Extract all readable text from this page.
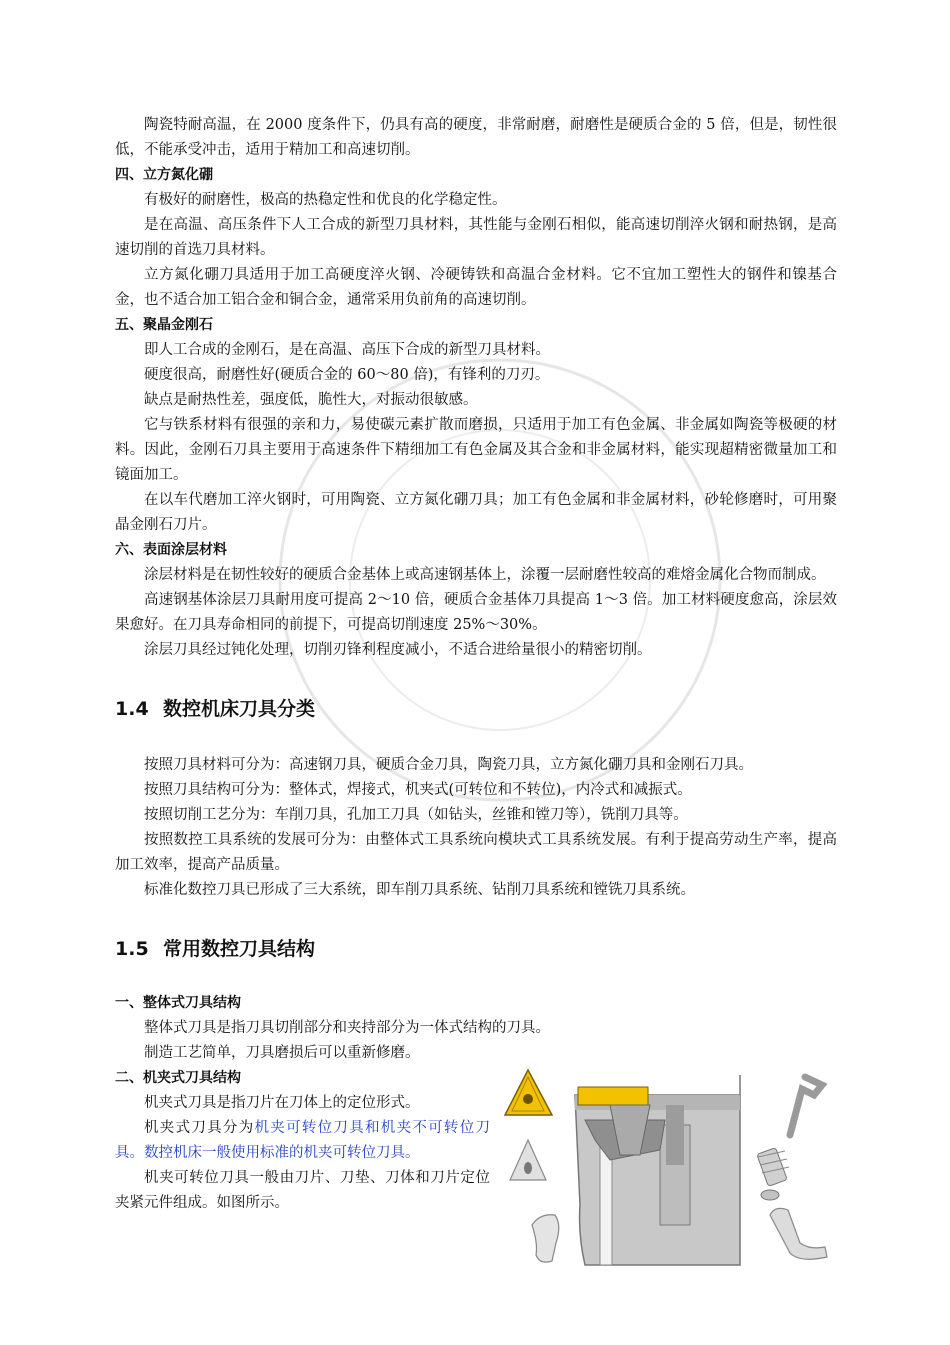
陶瓷特耐高温，在 2000 度条件下，仍具有高的硬度，非常耐磨，耐磨性是硬质合金的 5 倍，但是，韧性很低，不能承受冲击，适用于精加工和高速切削。

四、立方氮化硼

有极好的耐磨性，极高的热稳定性和优良的化学稳定性。

是在高温、高压条件下人工合成的新型刀具材料，其性能与金刚石相似，能高速切削淬火钢和耐热钢，是高速切削的首选刀具材料。

立方氮化硼刀具适用于加工高硬度淬火钢、冷硬铸铁和高温合金材料。它不宜加工塑性大的钢件和镍基合金，也不适合加工铝合金和铜合金，通常采用负前角的高速切削。

五、聚晶金刚石

即人工合成的金刚石，是在高温、高压下合成的新型刀具材料。

硬度很高，耐磨性好(硬质合金的 60～80 倍)，有锋利的刀刃。

缺点是耐热性差，强度低，脆性大，对振动很敏感。

它与铁系材料有很强的亲和力，易使碳元素扩散而磨损，只适用于加工有色金属、非金属如陶瓷等极硬的材料。因此，金刚石刀具主要用于高速条件下精细加工有色金属及其合金和非金属材料，能实现超精密微量加工和镜面加工。

在以车代磨加工淬火钢时，可用陶瓷、立方氮化硼刀具；加工有色金属和非金属材料，砂轮修磨时，可用聚晶金刚石刀片。

六、表面涂层材料

涂层材料是在韧性较好的硬质合金基体上或高速钢基体上，涂覆一层耐磨性较高的难熔金属化合物而制成。

高速钢基体涂层刀具耐用度可提高 2～10 倍，硬质合金基体刀具提高 1～3 倍。加工材料硬度愈高，涂层效果愈好。在刀具寿命相同的前提下，可提高切削速度 25%～30%。

涂层刀具经过钝化处理，切削刃锋利程度减小，不适合进给量很小的精密切削。

1.4 数控机床刀具分类

按照刀具材料可分为：高速钢刀具，硬质合金刀具，陶瓷刀具，立方氮化硼刀具和金刚石刀具。

按照刀具结构可分为：整体式，焊接式，机夹式(可转位和不转位)，内冷式和减振式。

按照切削工艺分为：车削刀具，孔加工刀具（如钻头，丝锥和镗刀等），铣削刀具等。

按照数控工具系统的发展可分为：由整体式工具系统向模块式工具系统发展。有利于提高劳动生产率，提高加工效率，提高产品质量。

标准化数控刀具已形成了三大系统，即车削刀具系统、钻削刀具系统和镗铣刀具系统。

1.5 常用数控刀具结构
一、整体式刀具结构

整体式刀具是指刀具切削部分和夹持部分为一体式结构的刀具。

制造工艺简单，刀具磨损后可以重新修磨。

二、机夹式刀具结构

机夹式刀具是指刀片在刀体上的定位形式。

机夹式刀具分为机夹可转位刀具和机夹不可转位刀具。数控机床一般使用标准的机夹可转位刀具。

机夹可转位刀具一般由刀片、刀垫、刀体和刀片定位夹紧元件组成。如图所示。
